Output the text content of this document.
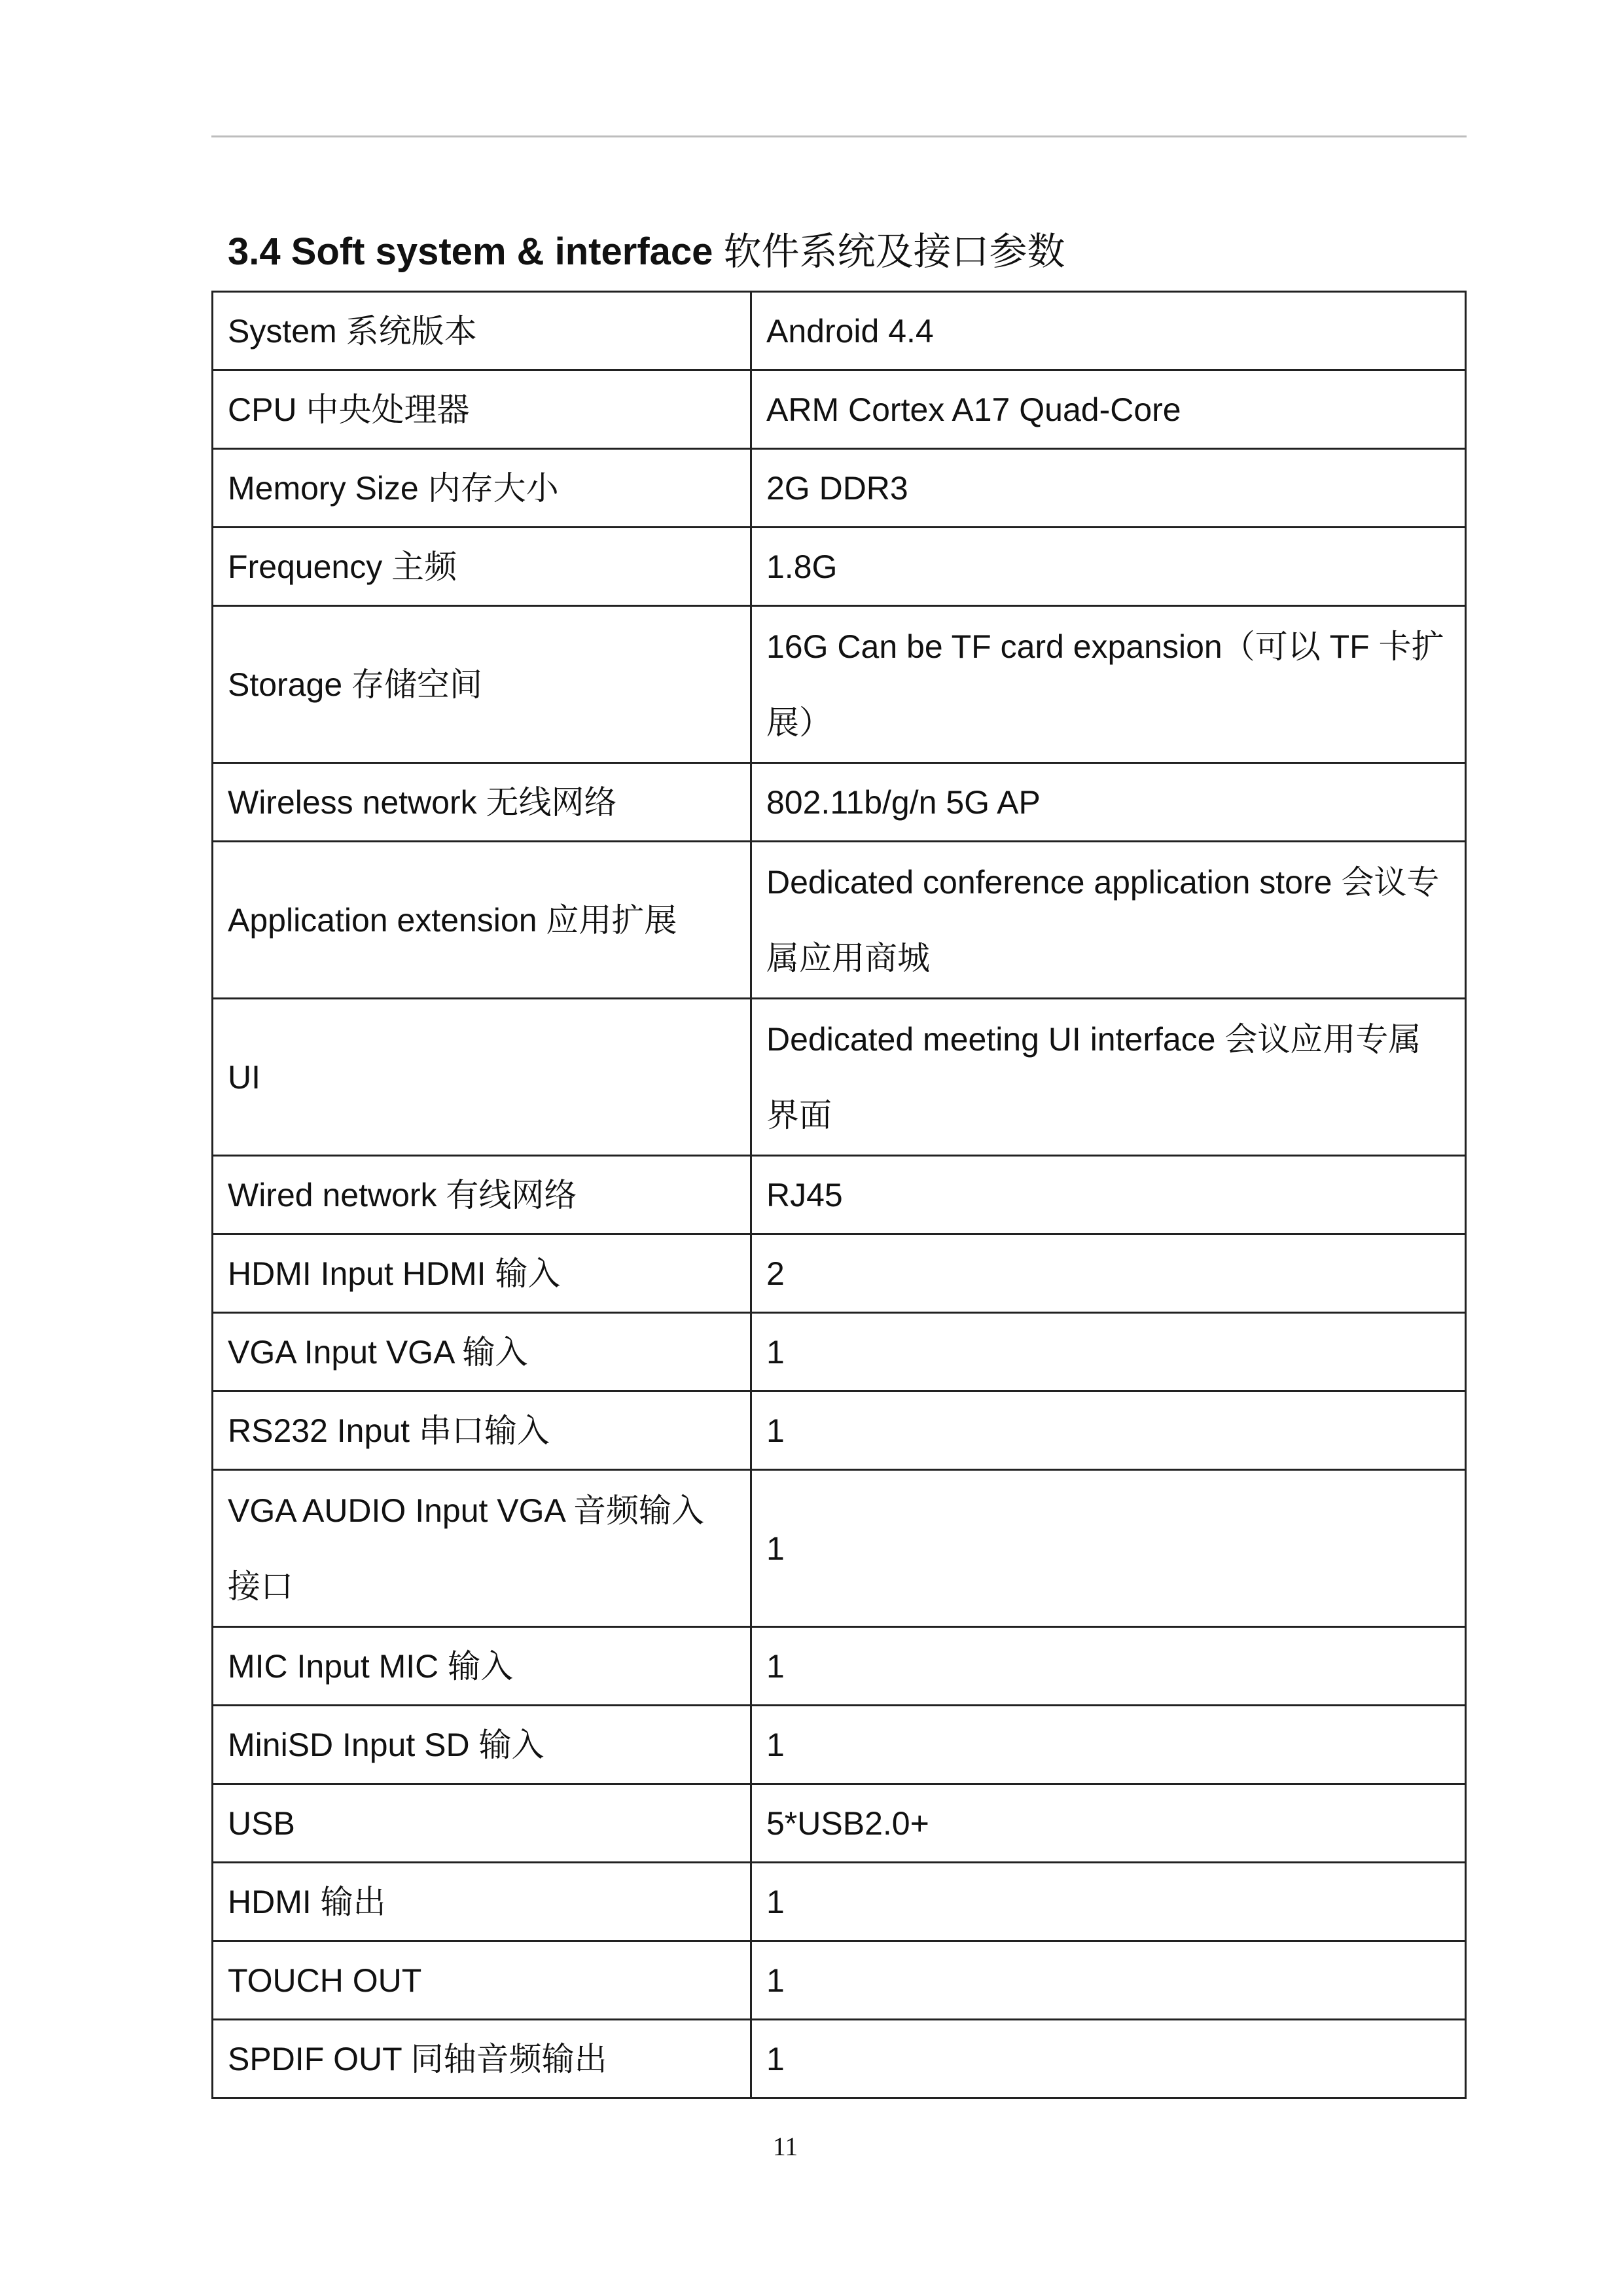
3.4 Soft system & interface 软件系统及接口参数
System 系统版本	Android 4.4
CPU 中央处理器	ARM Cortex A17 Quad-Core
Memory Size 内存大小	2G DDR3
Frequency 主频	1.8G
Storage 存储空间	16G Can be TF card expansion（可以 TF 卡扩展）
Wireless network 无线网络	802.11b/g/n 5G AP
Application extension 应用扩展	Dedicated conference application store 会议专属应用商城
UI	Dedicated meeting UI interface 会议应用专属界面
Wired network 有线网络	RJ45
HDMI Input HDMI 输入	2
VGA Input VGA 输入	1
RS232 Input 串口输入	1
VGA AUDIO Input VGA 音频输入接口	1
MIC Input MIC 输入	1
MiniSD Input SD 输入	1
USB	5*USB2.0+
HDMI 输出	1
TOUCH OUT	1
SPDIF OUT 同轴音频输出	1
11
